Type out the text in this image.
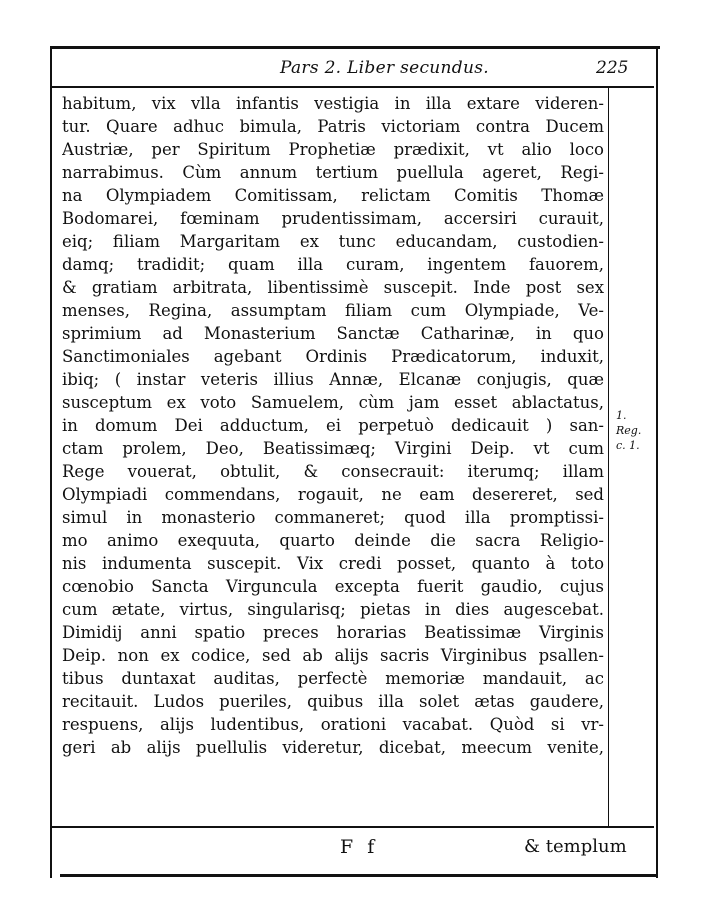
Pars 2. Liber secundus.	225
habitum, vix vlla infantis vestigia in illa extare videren-
tur. Quare adhuc bimula, Patris victoriam contra Ducem
Austriæ, per Spiritum Prophetiæ prædixit, vt alio loco
narrabimus. Cùm annum tertium puellula ageret, Regi-
na Olympiadem Comitissam, relictam Comitis Thomæ
Bodomarei, fœminam prudentissimam, accersiri curauit,
eiq; filiam Margaritam ex tunc educandam, custodien-
damq; tradidit; quam illa curam, ingentem fauorem,
& gratiam arbitrata, libentissimè suscepit. Inde post sex
menses, Regina, assumptam filiam cum Olympiade, Ve-
sprimium ad Monasterium Sanctæ Catharinæ, in quo
Sanctimoniales agebant Ordinis Prædicatorum, induxit,
ibiq; ( instar veteris illius Annæ, Elcanæ conjugis, quæ
susceptum ex voto Samuelem, cùm jam esset ablactatus,
in domum Dei adductum, ei perpetuò dedicauit ) san-
ctam prolem, Deo, Beatissimæq; Virgini Deip. vt cum
Rege vouerat, obtulit, & consecrauit: iterumq; illam
Olympiadi commendans, rogauit, ne eam desereret, sed
simul in monasterio commaneret; quod illa promptissi-
mo animo exequuta, quarto deinde die sacra Religio-
nis indumenta suscepit. Vix credi posset, quanto à toto
cœnobio Sancta Virguncula excepta fuerit gaudio, cujus
cum ætate, virtus, singularisq; pietas in dies augescebat.
Dimidij anni spatio preces horarias Beatissimæ Virginis
Deip. non ex codice, sed ab alijs sacris Virginibus psallen-
tibus duntaxat auditas, perfectè memoriæ mandauit, ac
recitauit. Ludos pueriles, quibus illa solet ætas gaudere,
respuens, alijs ludentibus, orationi vacabat. Quòd si vr-
geri ab alijs puellulis videretur, dicebat, meecum venite,
1. Reg.
c. 1.
F f	& templum
